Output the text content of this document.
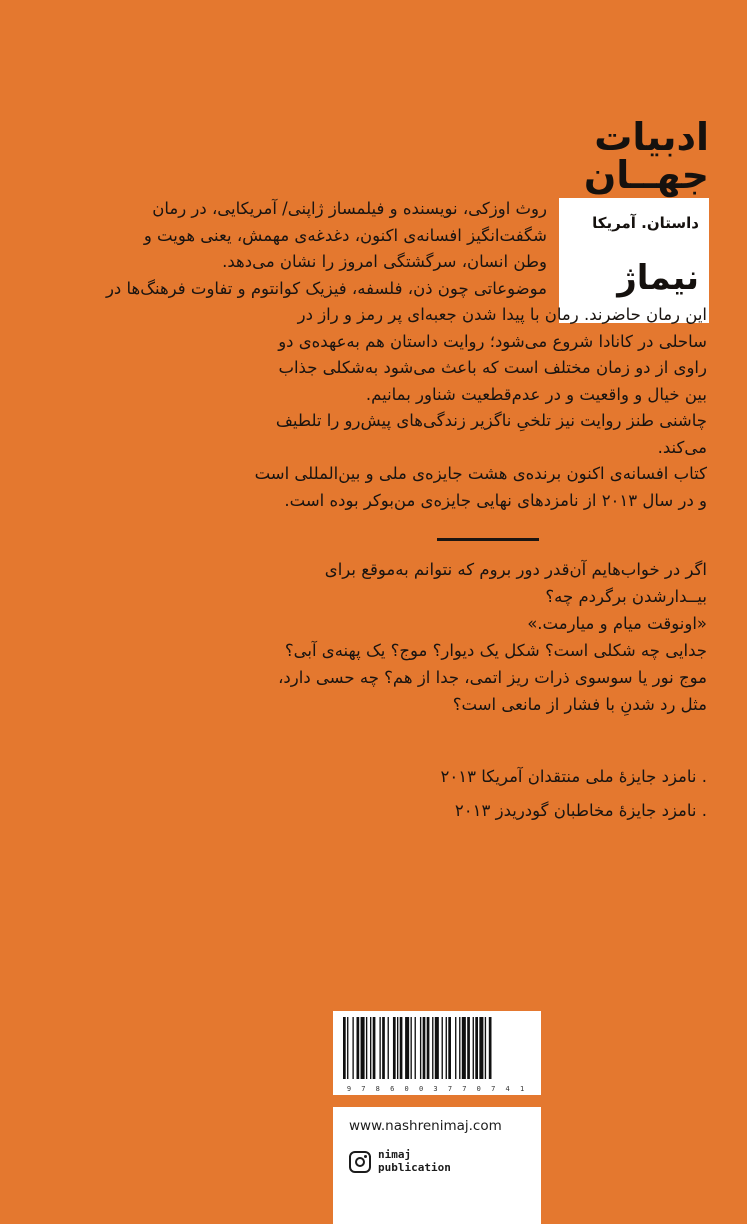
ادبیات
جهــان
داستان. آمریکا
نیماژ
روث اوزکی، نویسنده و فیلمساز ژاپنی/ آمریکایی، در رمان
شگفت‌انگیز افسانه‌ی اکنون، دغدغه‌ی مهمش، یعنی هویت و
وطن انسان، سرگشتگی امروز را نشان می‌دهد.
موضوعاتی چون ذن، فلسفه، فیزیک کوانتوم و تفاوت فرهنگ‌ها در
این رمان حاضرند. رمان با پیدا شدن جعبه‌ای پر رمز و راز در
ساحلی در کانادا شروع می‌شود؛ روایت داستان هم به‌عهده‌ی دو
راوی از دو زمان مختلف است که باعث می‌شود به‌شکلی جذاب
بین خیال و واقعیت و در عدم‌قطعیت شناور بمانیم.
چاشنی طنز روایت نیز تلخیِ ناگزیر زندگی‌های پیش‌رو را تلطیف
می‌کند.
کتاب افسانه‌ی اکنون برنده‌ی هشت جایزه‌ی ملی و بین‌المللی است
و در سال ۲۰۱۳ از نامزدهای نهایی جایزه‌ی من‌بوکر بوده است.
اگر در خواب‌هایم آن‌قدر دور بروم که نتوانم به‌موقع برای
بیــدارشدن برگردم چه؟
«اونوقت میام و میارمت.»
جدایی چه شکلی است؟ شکل یک دیوار؟ موج؟ یک پهنه‌ی آبی؟
موج نور یا سوسوی ذرات ریز اتمی، جدا از هم؟ چه حسی دارد،
مثل رد شدنِ با فشار از مانعی است؟
. نامزد جایزۀ ملی منتقدان آمریکا ۲۰۱۳
. نامزد جایزۀ مخاطبان گودریدز ۲۰۱۳
9 7 8 6 0 0 3 7 7 0 7 4 1
www.nashrenimaj.com
nimaj
publication
